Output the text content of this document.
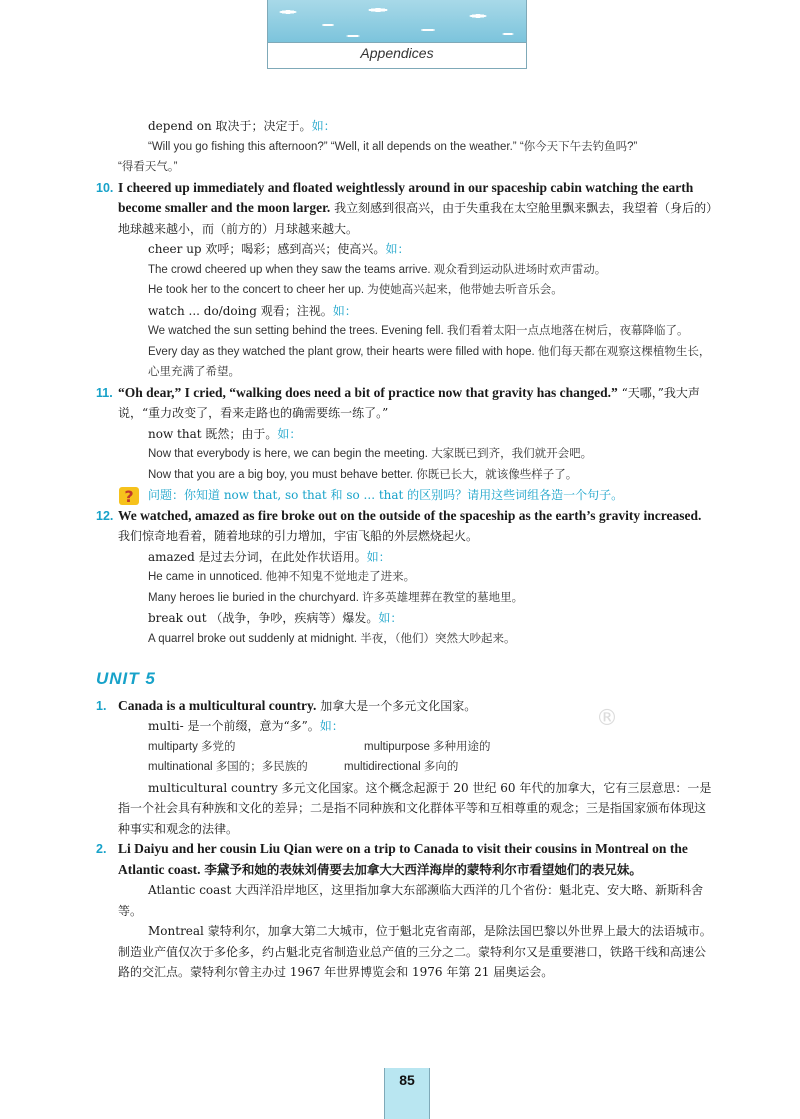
Appendices
®

depend on 取决于；决定于。如：

“Will you go fishing this afternoon?” “Well, it all depends on the weather.” “你今天下午去钓鱼吗?”

“得看天气。”

10. I cheered up immediately and floated weightlessly around in our spaceship cabin watching the earth become smaller and the moon larger. 我立刻感到很高兴，由于失重我在太空舱里飘来飘去，我望着（身后的）地球越来越小，而（前方的）月球越来越大。

cheer up 欢呼；喝彩；感到高兴；使高兴。如：

The crowd cheered up when they saw the teams arrive. 观众看到运动队进场时欢声雷动。

He took her to the concert to cheer her up. 为使她高兴起来，他带她去听音乐会。

watch ... do/doing 观看；注视。如：

We watched the sun setting behind the trees. Evening fell. 我们看着太阳一点点地落在树后，夜幕降临了。

Every day as they watched the plant grow, their hearts were filled with hope. 他们每天都在观察这棵植物生长，心里充满了希望。

11. “Oh dear,” I cried, “walking does need a bit of practice now that gravity has changed.” “天哪，”我大声说，“重力改变了，看来走路也的确需要练一练了。”

now that 既然；由于。如：

Now that everybody is here, we can begin the meeting. 大家既已到齐，我们就开会吧。

Now that you are a big boy, you must behave better. 你既已长大，就该像些样子了。

? 问题：你知道 now that, so that 和 so ... that 的区别吗？请用这些词组各造一个句子。
12. We watched, amazed as fire broke out on the outside of the spaceship as the earth’s gravity increased. 我们惊奇地看着，随着地球的引力增加，宇宙飞船的外层燃烧起火。

amazed 是过去分词，在此处作状语用。如：

He came in unnoticed. 他神不知鬼不觉地走了进来。

Many heroes lie buried in the churchyard. 许多英雄埋葬在教堂的墓地里。

break out （战争，争吵，疾病等）爆发。如：

A quarrel broke out suddenly at midnight. 半夜，（他们）突然大吵起来。

UNIT 5
1. Canada is a multicultural country. 加拿大是一个多元文化国家。

multi- 是一个前缀，意为“多”。如：

multiparty 多党的	multipurpose 多种用途的

multinational 多国的；多民族的	multidirectional 多向的

multicultural country 多元文化国家。这个概念起源于 20 世纪 60 年代的加拿大，它有三层意思：一是指一个社会具有种族和文化的差异；二是指不同种族和文化群体平等和互相尊重的观念；三是指国家颁布体现这种事实和观念的法律。

2. Li Daiyu and her cousin Liu Qian were on a trip to Canada to visit their cousins in Montreal on the Atlantic coast. 李黛予和她的表妹刘倩要去加拿大大西洋海岸的蒙特利尔市看望她们的表兄妹。

Atlantic coast 大西洋沿岸地区，这里指加拿大东部濒临大西洋的几个省份：魁北克、安大略、新斯科舍等。

Montreal 蒙特利尔，加拿大第二大城市，位于魁北克省南部，是除法国巴黎以外世界上最大的法语城市。制造业产值仅次于多伦多，约占魁北克省制造业总产值的三分之二。蒙特利尔又是重要港口，铁路干线和高速公路的交汇点。蒙特利尔曾主办过 1967 年世界博览会和 1976 年第 21 届奥运会。

85
